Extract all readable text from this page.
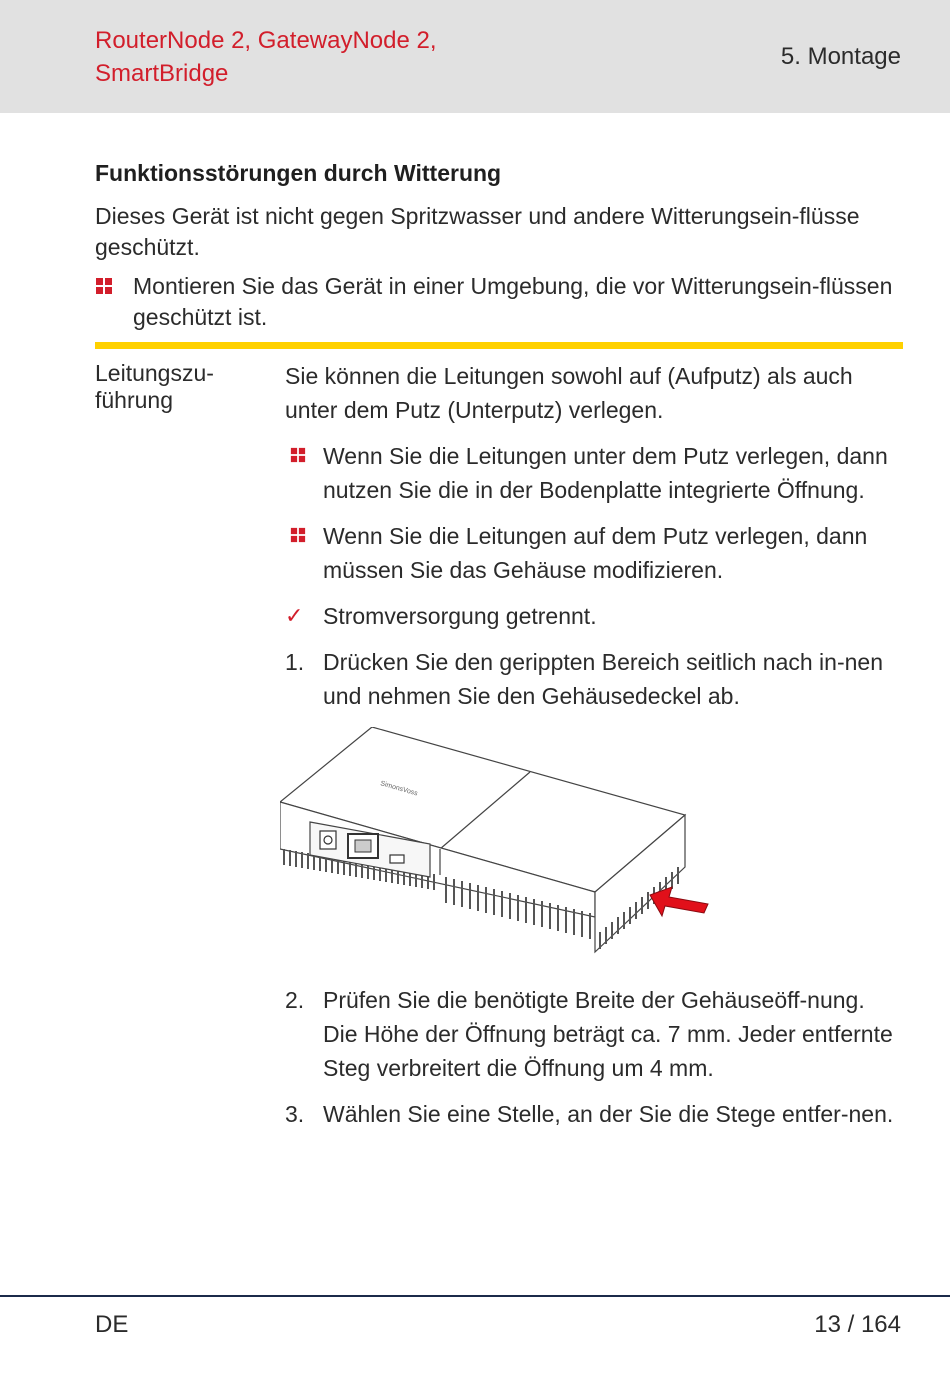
RouterNode 2, GatewayNode 2,
SmartBridge
5. Montage
Funktionsstörungen durch Witterung
Dieses Gerät ist nicht gegen Spritzwasser und andere Witterungsein-flüsse geschützt.
Montieren Sie das Gerät in einer Umgebung, die vor Witterungsein-flüssen geschützt ist.
Leitungszu-führung

Sie können die Leitungen sowohl auf (Aufputz) als auch unter dem Putz (Unterputz) verlegen.

Wenn Sie die Leitungen unter dem Putz verlegen, dann nutzen Sie die in der Bodenplatte integrierte Öffnung.
Wenn Sie die Leitungen auf dem Putz verlegen, dann müssen Sie das Gehäuse modifizieren.
✓ Stromversorgung getrennt.
1. Drücken Sie den gerippten Bereich seitlich nach in-nen und nehmen Sie den Gehäusedeckel ab.
SimonsVoss
2. Prüfen Sie die benötigte Breite der Gehäuseöff-nung. Die Höhe der Öffnung beträgt ca. 7 mm. Jeder entfernte Steg verbreitert die Öffnung um 4 mm.
3. Wählen Sie eine Stelle, an der Sie die Stege entfer-nen.
DE	13 / 164
